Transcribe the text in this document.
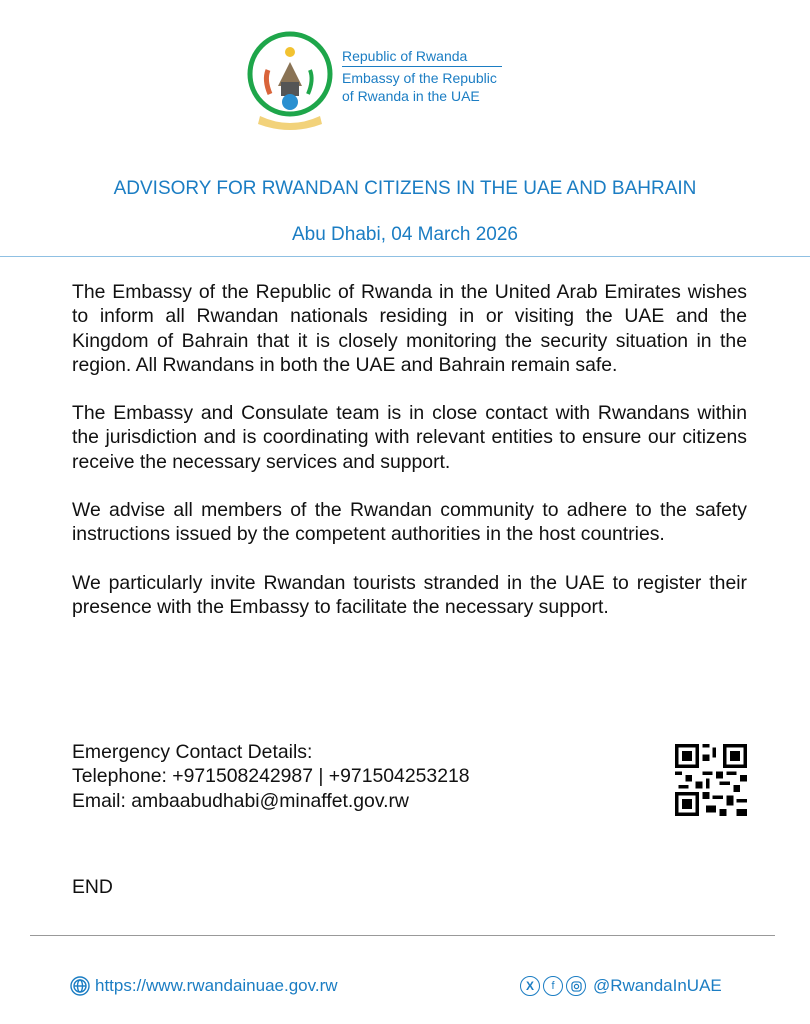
Republic of Rwanda
Embassy of the Republic
of Rwanda in the UAE
ADVISORY FOR RWANDAN CITIZENS IN THE UAE AND BAHRAIN
Abu Dhabi, 04 March 2026

The Embassy of the Republic of Rwanda in the United Arab Emirates wishes to inform all Rwandan nationals residing in or visiting the UAE and the Kingdom of Bahrain that it is closely monitoring the security situation in the region. All Rwandans in both the UAE and Bahrain remain safe.

The Embassy and Consulate team is in close contact with Rwandans within the jurisdiction and is coordinating with relevant entities to ensure our citizens receive the necessary services and support.

We advise all members of the Rwandan community to adhere to the safety instructions issued by the competent authorities in the host countries.

We particularly invite Rwandan tourists stranded in the UAE to register their presence with the Embassy to facilitate the necessary support.

Emergency Contact Details:
Telephone: +971508242987 | +971504253218
Email: ambaabudhabi@minaffet.gov.rw
END
https://www.rwandainuae.gov.rw	X	f	@RwandaInUAE
